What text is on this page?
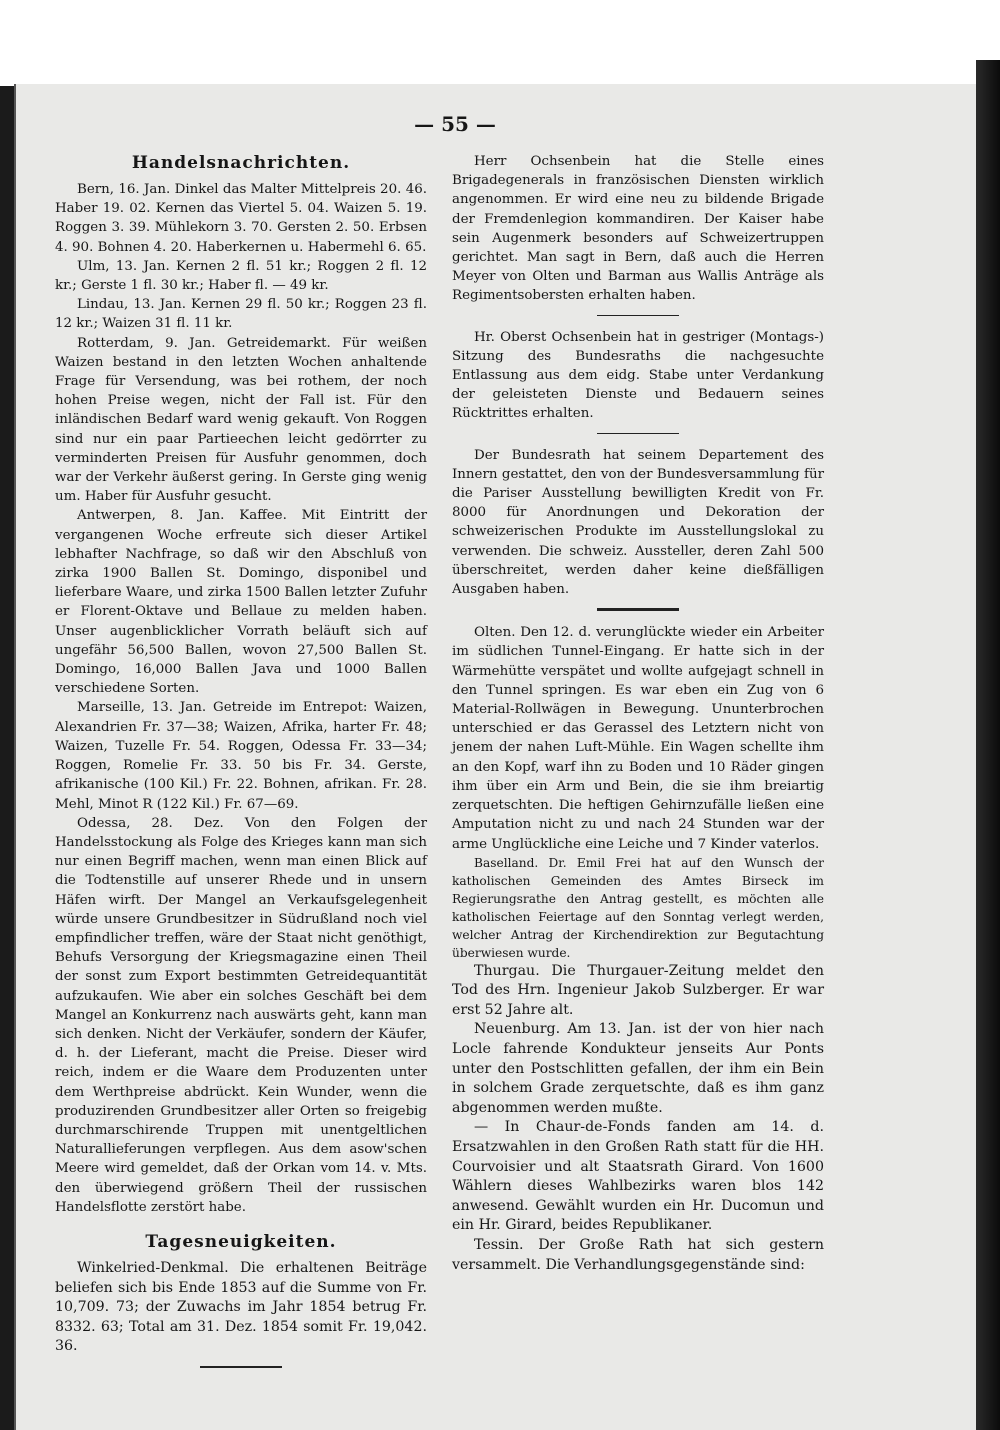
— 55 —
Handelsnachrichten.

Bern, 16. Jan. Dinkel das Malter Mittelpreis 20. 46. Haber 19. 02. Kernen das Viertel 5. 04. Waizen 5. 19. Roggen 3. 39. Mühlekorn 3. 70. Gersten 2. 50. Erbsen 4. 90. Bohnen 4. 20. Haberkernen u. Habermehl 6. 65.

Ulm, 13. Jan. Kernen 2 fl. 51 kr.; Roggen 2 fl. 12 kr.; Gerste 1 fl. 30 kr.; Haber fl. — 49 kr.

Lindau, 13. Jan. Kernen 29 fl. 50 kr.; Roggen 23 fl. 12 kr.; Waizen 31 fl. 11 kr.

Rotterdam, 9. Jan. Getreidemarkt. Für weißen Waizen bestand in den letzten Wochen anhaltende Frage für Versendung, was bei rothem, der noch hohen Preise wegen, nicht der Fall ist. Für den inländischen Bedarf ward wenig gekauft. Von Roggen sind nur ein paar Partieechen leicht gedörrter zu verminderten Preisen für Ausfuhr genommen, doch war der Verkehr äußerst gering. In Gerste ging wenig um. Haber für Ausfuhr gesucht.

Antwerpen, 8. Jan. Kaffee. Mit Eintritt der vergangenen Woche erfreute sich dieser Artikel lebhafter Nachfrage, so daß wir den Abschluß von zirka 1900 Ballen St. Domingo, disponibel und lieferbare Waare, und zirka 1500 Ballen letzter Zufuhr er Florent-Oktave und Bellaue zu melden haben. Unser augenblicklicher Vorrath beläuft sich auf ungefähr 56,500 Ballen, wovon 27,500 Ballen St. Domingo, 16,000 Ballen Java und 1000 Ballen verschiedene Sorten.

Marseille, 13. Jan. Getreide im Entrepot: Waizen, Alexandrien Fr. 37—38; Waizen, Afrika, harter Fr. 48; Waizen, Tuzelle Fr. 54. Roggen, Odessa Fr. 33—34; Roggen, Romelie Fr. 33. 50 bis Fr. 34. Gerste, afrikanische (100 Kil.) Fr. 22. Bohnen, afrikan. Fr. 28. Mehl, Minot R (122 Kil.) Fr. 67—69.

Odessa, 28. Dez. Von den Folgen der Handelsstockung als Folge des Krieges kann man sich nur einen Begriff machen, wenn man einen Blick auf die Todtenstille auf unserer Rhede und in unsern Häfen wirft. Der Mangel an Verkaufsgelegenheit würde unsere Grundbesitzer in Südrußland noch viel empfindlicher treffen, wäre der Staat nicht genöthigt, Behufs Versorgung der Kriegsmagazine einen Theil der sonst zum Export bestimmten Getreidequantität aufzukaufen. Wie aber ein solches Geschäft bei dem Mangel an Konkurrenz nach auswärts geht, kann man sich denken. Nicht der Verkäufer, sondern der Käufer, d. h. der Lieferant, macht die Preise. Dieser wird reich, indem er die Waare dem Produzenten unter dem Werthpreise abdrückt. Kein Wunder, wenn die produzirenden Grundbesitzer aller Orten so freigebig durchmarschirende Truppen mit unentgeltlichen Naturallieferungen verpflegen. Aus dem asow'schen Meere wird gemeldet, daß der Orkan vom 14. v. Mts. den überwiegend größern Theil der russischen Handelsflotte zerstört habe.

Tagesneuigkeiten.

Winkelried-Denkmal. Die erhaltenen Beiträge beliefen sich bis Ende 1853 auf die Summe von Fr. 10,709. 73; der Zuwachs im Jahr 1854 betrug Fr. 8332. 63; Total am 31. Dez. 1854 somit Fr. 19,042. 36.

Herr Ochsenbein hat die Stelle eines Brigadegenerals in französischen Diensten wirklich angenommen. Er wird eine neu zu bildende Brigade der Fremdenlegion kommandiren. Der Kaiser habe sein Augenmerk besonders auf Schweizertruppen gerichtet. Man sagt in Bern, daß auch die Herren Meyer von Olten und Barman aus Wallis Anträge als Regimentsobersten erhalten haben.

Hr. Oberst Ochsenbein hat in gestriger (Montags-) Sitzung des Bundesraths die nachgesuchte Entlassung aus dem eidg. Stabe unter Verdankung der geleisteten Dienste und Bedauern seines Rücktrittes erhalten.

Der Bundesrath hat seinem Departement des Innern gestattet, den von der Bundesversammlung für die Pariser Ausstellung bewilligten Kredit von Fr. 8000 für Anordnungen und Dekoration der schweizerischen Produkte im Ausstellungslokal zu verwenden. Die schweiz. Aussteller, deren Zahl 500 überschreitet, werden daher keine dießfälligen Ausgaben haben.

Olten. Den 12. d. verunglückte wieder ein Arbeiter im südlichen Tunnel-Eingang. Er hatte sich in der Wärmehütte verspätet und wollte aufgejagt schnell in den Tunnel springen. Es war eben ein Zug von 6 Material-Rollwägen in Bewegung. Ununterbrochen unterschied er das Gerassel des Letztern nicht von jenem der nahen Luft-Mühle. Ein Wagen schellte ihm an den Kopf, warf ihn zu Boden und 10 Räder gingen ihm über ein Arm und Bein, die sie ihm breiartig zerquetschten. Die heftigen Gehirnzufälle ließen eine Amputation nicht zu und nach 24 Stunden war der arme Unglückliche eine Leiche und 7 Kinder vaterlos.

Baselland. Dr. Emil Frei hat auf den Wunsch der katholischen Gemeinden des Amtes Birseck im Regierungsrathe den Antrag gestellt, es möchten alle katholischen Feiertage auf den Sonntag verlegt werden, welcher Antrag der Kirchendirektion zur Begutachtung überwiesen wurde.

Thurgau. Die Thurgauer-Zeitung meldet den Tod des Hrn. Ingenieur Jakob Sulzberger. Er war erst 52 Jahre alt.

Neuenburg. Am 13. Jan. ist der von hier nach Locle fahrende Kondukteur jenseits Aur Ponts unter den Postschlitten gefallen, der ihm ein Bein in solchem Grade zerquetschte, daß es ihm ganz abgenommen werden mußte.

— In Chaur-de-Fonds fanden am 14. d. Ersatzwahlen in den Großen Rath statt für die HH. Courvoisier und alt Staatsrath Girard. Von 1600 Wählern dieses Wahlbezirks waren blos 142 anwesend. Gewählt wurden ein Hr. Ducomun und ein Hr. Girard, beides Republikaner.

Tessin. Der Große Rath hat sich gestern versammelt. Die Verhandlungsgegenstände sind:
